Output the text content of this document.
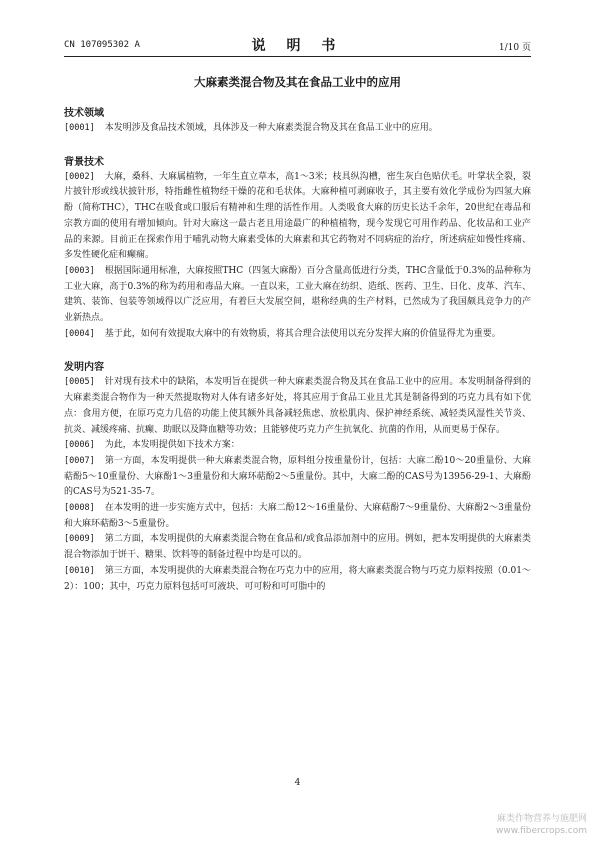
CN 107095302 A	说 明 书	1/10 页
大麻素类混合物及其在食品工业中的应用
技术领域

[0001] 本发明涉及食品技术领域，具体涉及一种大麻素类混合物及其在食品工业中的应用。

背景技术

[0002] 大麻，桑科、大麻属植物，一年生直立草本，高1～3米；枝具纵沟槽，密生灰白色贴伏毛。叶掌状全裂，裂片披针形或线状披针形，特指雌性植物经干燥的花和毛状体。大麻种植可剥麻收子，其主要有效化学成份为四氢大麻酚（简称THC），THC在吸食或口服后有精神和生理的活性作用。人类吸食大麻的历史长达千余年，20世纪在毒品和宗教方面的使用有增加倾向。针对大麻这一最古老且用途最广的种植植物，现今发现它可用作药品、化妆品和工业产品的来源。目前正在探索作用于哺乳动物大麻素受体的大麻素和其它药物对不同病症的治疗，所述病症如慢性疼痛、多发性硬化症和癫痫。

[0003] 根据国际通用标准，大麻按照THC（四氢大麻酚）百分含量高低进行分类，THC含量低于0.3%的品种称为工业大麻，高于0.3%的称为药用和毒品大麻。一直以来，工业大麻在纺织、造纸、医药、卫生、日化、皮革、汽车、建筑、装饰、包装等领域得以广泛应用，有着巨大发展空间，堪称经典的生产材料，已然成为了我国颇具竞争力的产业新热点。

[0004] 基于此，如何有效提取大麻中的有效物质，将其合理合法使用以充分发挥大麻的价值显得尤为重要。

发明内容

[0005] 针对现有技术中的缺陷，本发明旨在提供一种大麻素类混合物及其在食品工业中的应用。本发明制备得到的大麻素类混合物作为一种天然提取物对人体有诸多好处，将其应用于食品工业且尤其是制备得到的巧克力具有如下优点：食用方便，在原巧克力几倍的功能上使其额外具备减轻焦虑、放松肌肉、保护神经系统、减轻类风湿性关节炎、抗炎、减缓疼痛、抗癫、助眠以及降血糖等功效；且能够使巧克力产生抗氧化、抗菌的作用，从而更易于保存。

[0006] 为此，本发明提供如下技术方案：

[0007] 第一方面，本发明提供一种大麻素类混合物，原料组分按重量份计，包括：大麻二酚10～20重量份、大麻萜酚5～10重量份、大麻酚1～3重量份和大麻环萜酚2～5重量份。其中，大麻二酚的CAS号为13956-29-1、大麻酚的CAS号为521-35-7。

[0008] 在本发明的进一步实施方式中，包括：大麻二酚12～16重量份、大麻萜酚7～9重量份、大麻酚2～3重量份和大麻环萜酚3～5重量份。

[0009] 第二方面，本发明提供的大麻素类混合物在食品和/或食品添加剂中的应用。例如，把本发明提供的大麻素类混合物添加于饼干、糖果、饮料等的制备过程中均是可以的。

[0010] 第三方面，本发明提供的大麻素类混合物在巧克力中的应用，将大麻素类混合物与巧克力原料按照（0.01～2）：100；其中，巧克力原料包括可可液块、可可粉和可可脂中的

4
麻类作物营养与施肥网
www.fibercrops.com
